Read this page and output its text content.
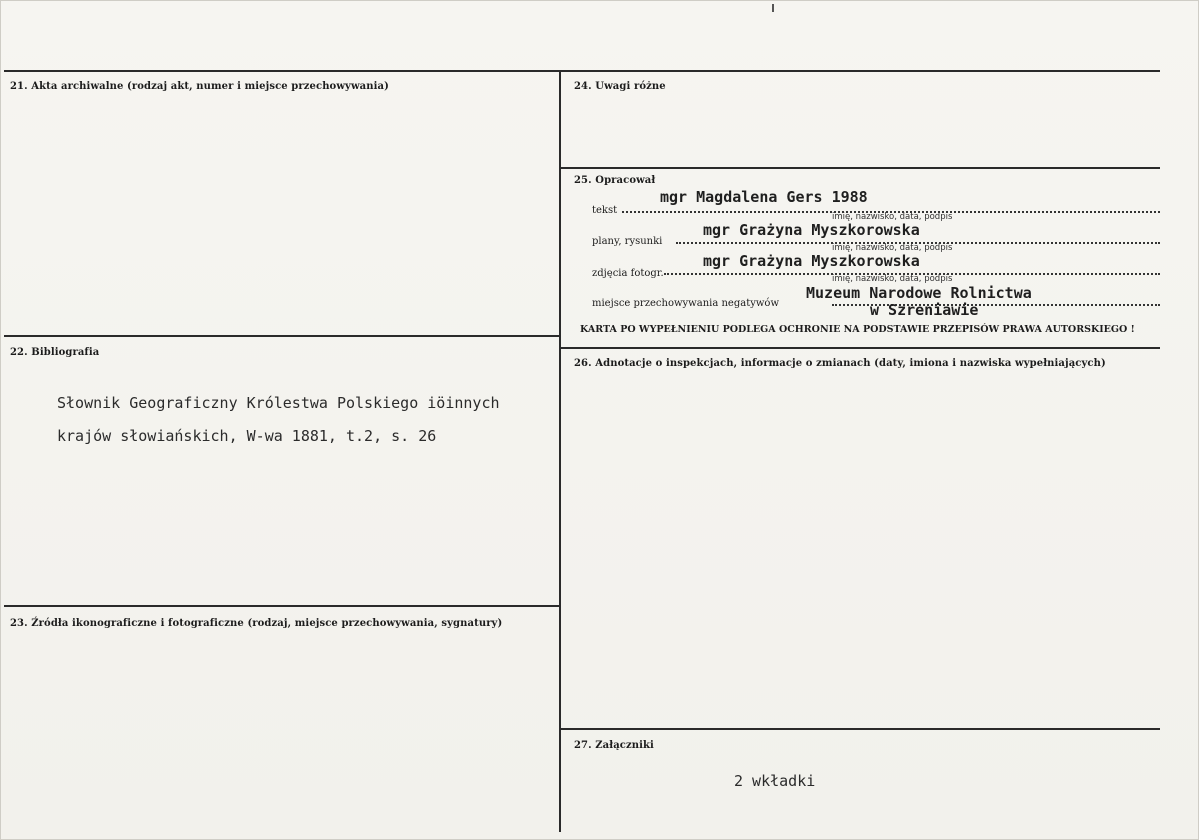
21. Akta archiwalne (rodzaj akt, numer i miejsce przechowywania)
22. Bibliografia
Słownik Geograficzny Królestwa Polskiego iöinnych
krajów słowiańskich, W-wa 1881, t.2, s. 26
23. Źródła ikonograficzne i fotograficzne (rodzaj, miejsce przechowywania, sygnatury)
24. Uwagi różne
25. Opracował
tekst
mgr Magdalena Gers 1988
imię, nazwisko, data, podpis
plany, rysunki
mgr Grażyna Myszkorowska
imię, nazwisko, data, podpis
zdjęcia fotogr.
mgr Grażyna Myszkorowska
imię, nazwisko, data, podpis
miejsce przechowywania negatywów
Muzeum Narodowe Rolnictwa
w Szreniawie
KARTA PO WYPEŁNIENIU PODLEGA OCHRONIE NA PODSTAWIE PRZEPISÓW PRAWA AUTORSKIEGO !
26. Adnotacje o inspekcjach, informacje o zmianach (daty, imiona i nazwiska wypełniających)
27. Załączniki
2 wkładki
